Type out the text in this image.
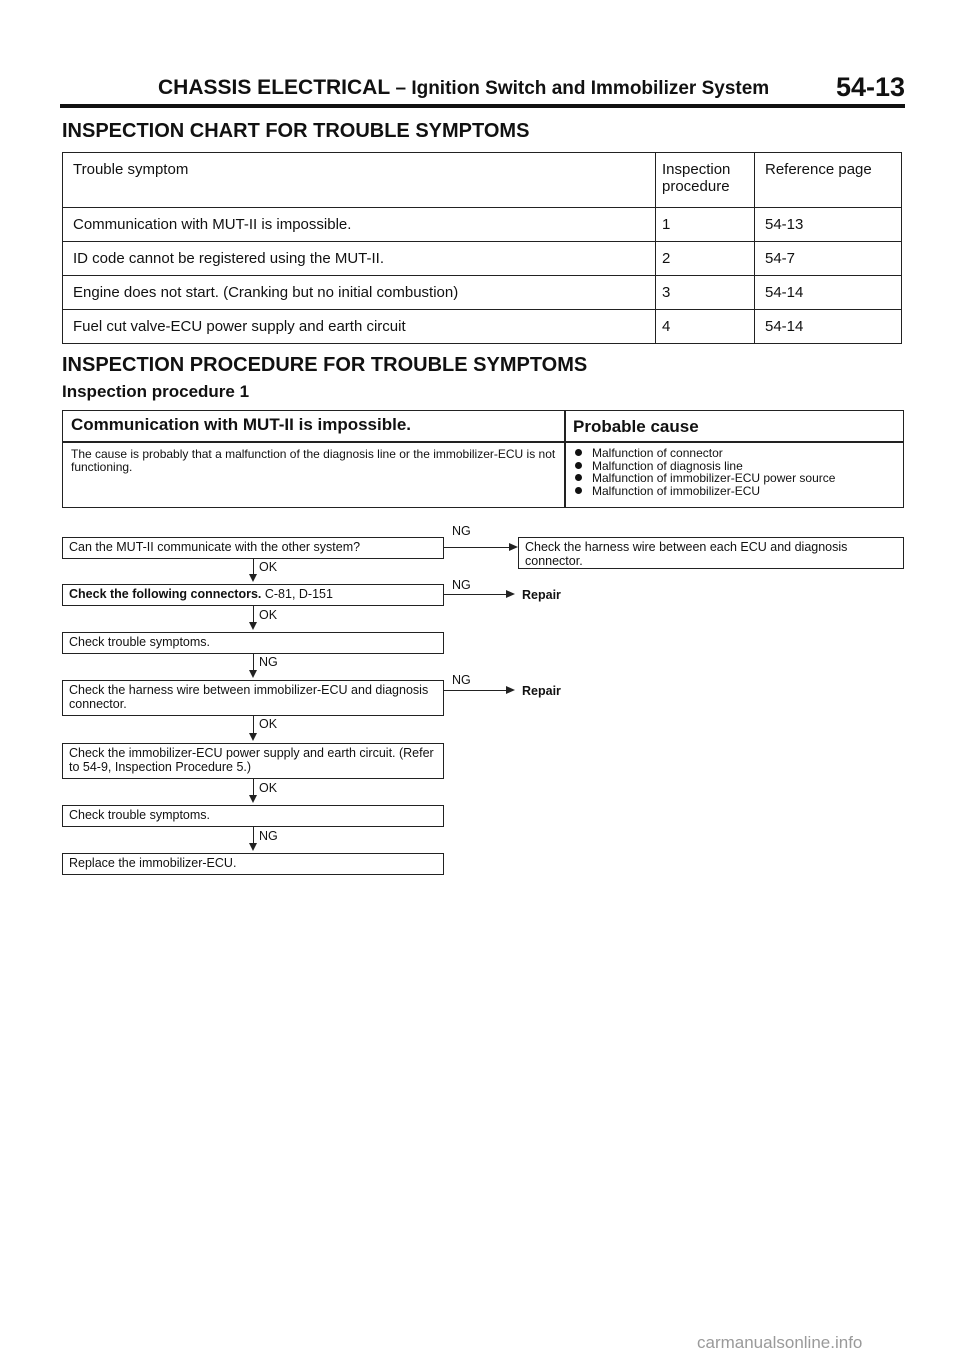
CHASSIS ELECTRICAL – Ignition Switch and Immobilizer System 54-13
INSPECTION CHART FOR TROUBLE SYMPTOMS
Trouble symptom	Inspection procedure	Reference page
Communication with MUT-II is impossible.	1	54-13
ID code cannot be registered using the MUT-II.	2	54-7
Engine does not start. (Cranking but no initial combustion)	3	54-14
Fuel cut valve-ECU power supply and earth circuit	4	54-14
INSPECTION PROCEDURE FOR TROUBLE SYMPTOMS
Inspection procedure 1
Communication with MUT-II is impossible.	Probable cause
The cause is probably that a malfunction of the diagnosis line or the immobilizer-ECU is not functioning.
Malfunction of connector
Malfunction of diagnosis line
Malfunction of immobilizer-ECU power source
Malfunction of immobilizer-ECU
Can the MUT-II communicate with the other system?
NG
Check the harness wire between each ECU and diagnosis connector.
OK
Check the following connectors. C-81, D-151
NG
Repair
OK
Check trouble symptoms.
NG
Check the harness wire between immobilizer-ECU and diagnosis connector.
NG
Repair
OK
Check the immobilizer-ECU power supply and earth circuit. (Refer to 54-9, Inspection Procedure 5.)
OK
Check trouble symptoms.
NG
Replace the immobilizer-ECU.
carmanualsonline.info
